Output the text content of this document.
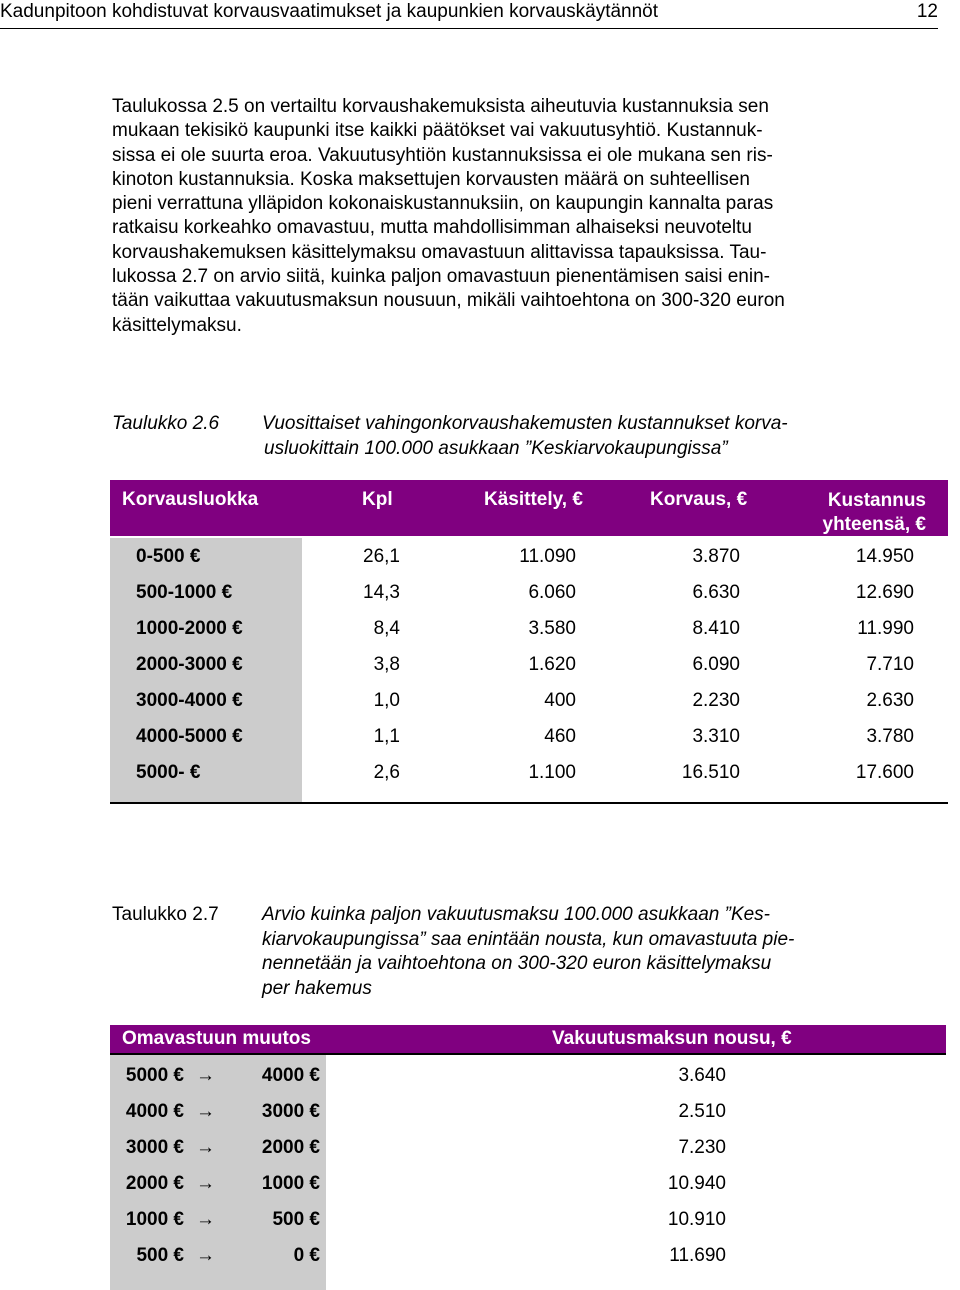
Kadunpitoon kohdistuvat korvausvaatimukset ja kaupunkien korvauskäytännöt	12
Taulukossa 2.5 on vertailtu korvaushakemuksista aiheutuvia kustannuksia sen
mukaan tekisikö kaupunki itse kaikki päätökset vai vakuutusyhtiö. Kustannuk-
sissa ei ole suurta eroa. Vakuutusyhtiön kustannuksissa ei ole mukana sen ris-
kinoton kustannuksia. Koska maksettujen korvausten määrä on suhteellisen
pieni verrattuna ylläpidon kokonaiskustannuksiin, on kaupungin kannalta paras
ratkaisu korkeahko omavastuu, mutta mahdollisimman alhaiseksi neuvoteltu
korvaushakemuksen käsittelymaksu omavastuun alittavissa tapauksissa. Tau-
lukossa 2.7 on arvio siitä, kuinka paljon omavastuun pienentämisen saisi enin-
tään vaikuttaa vakuutusmaksun nousuun, mikäli vaihtoehtona on 300-320 euron
käsittelymaksu.
Taulukko 2.6 Vuosittaiset vahingonkorvaushakemusten kustannukset korva-
usluokittain 100.000 asukkaan ”Keskiarvokaupungissa”
Korvausluokka	Kpl	Käsittely, €	Korvaus, €	Kustannus yhteensä, €
0-500 €	26,1	11.090	3.870	14.950
500-1000 €	14,3	6.060	6.630	12.690
1000-2000 €	8,4	3.580	8.410	11.990
2000-3000 €	3,8	1.620	6.090	7.710
3000-4000 €	1,0	400	2.230	2.630
4000-5000 €	1,1	460	3.310	3.780
5000- €	2,6	1.100	16.510	17.600
Taulukko 2.7 Arvio kuinka paljon vakuutusmaksu 100.000 asukkaan ”Kes-
kiarvokaupungissa” saa enintään nousta, kun omavastuuta pie-
nennetään ja vaihtoehtona on 300-320 euron käsittelymaksu
per hakemus
Omavastuun muutos	Vakuutusmaksun nousu, €
5000 € →	4000 €	3.640
4000 € →	3000 €	2.510
3000 € →	2000 €	7.230
2000 € →	1000 €	10.940
1000 € →	500 €	10.910
500 € →	0 €	11.690
